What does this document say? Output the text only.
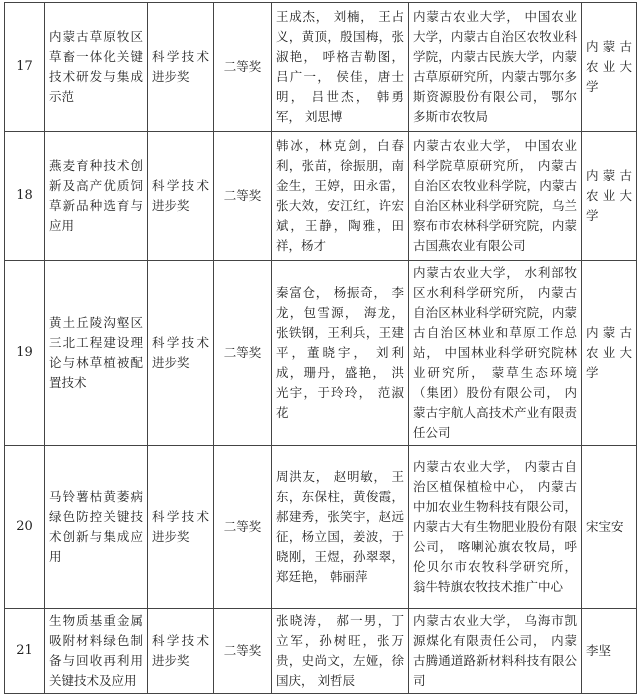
17	内蒙古草原牧区草畜一体化关键技术研发与集成示范	科学技术进步奖	二等奖	王成杰， 刘楠， 王占义，黄顶，殷国梅，张淑艳， 呼格吉勒图， 吕广一， 侯佳，唐士明， 吕世杰， 韩勇军， 刘思博	内蒙古农业大学， 中国农业大学，内蒙古自治区农牧业科学院，内蒙古民族大学，内蒙古草原研究所，内蒙古鄂尔多斯资源股份有限公司， 鄂尔多斯市农牧局	内蒙古农业大学
18	燕麦育种技术创新及高产优质饲草新品种选育与应用	科学技术进步奖	二等奖	韩冰，林克剑，白春利，张苗，徐振朋，南金生，王婷，田永雷，张大效，安江红，许宏斌，王静，陶雅，田祥，杨才	内蒙古农业大学， 中国农业科学院草原研究所， 内蒙古自治区农牧业科学院，内蒙古自治区林业科学研究院，乌兰察布市农林科学研究院，内蒙古国燕农业有限公司	内蒙古农业大学
19	黄土丘陵沟壑区三北工程建设理论与林草植被配置技术	科学技术进步奖	二等奖	秦富仓， 杨振奇， 李龙，包雪源， 海龙，张铁钢，王利兵，王建平，董晓宇， 刘利成，珊丹，盛艳， 洪光宇，于玲玲， 范淑花	内蒙古农业大学， 水利部牧区水利科学研究所， 内蒙古自治区林业科学研究院，内蒙古自治区林业和草原工作总站， 中国林业科学研究院林业研究所， 蒙草生态环境（集团）股份有限公司， 内蒙古宇航人高技术产业有限责任公司	内蒙古农业大学
20	马铃薯枯黄萎病绿色防控关键技术创新与集成应用	科学技术进步奖	二等奖	周洪友， 赵明敏， 王东，东保柱，黄俊霞，郝建秀，张笑宇，赵远征，杨立国，姜波，于晓刚，王煜，孙翠翠，郑廷艳， 韩丽萍	内蒙古农业大学， 内蒙古自治区植保植检中心， 内蒙古中加农业生物科技有限公司，内蒙古大有生物肥业股份有限公司， 喀喇沁旗农牧局，呼伦贝尔市农牧科学研究所， 翁牛特旗农牧技术推广中心	宋宝安
21	生物质基重金属吸附材料绿色制备与回收再利用关键技术及应用	科学技术进步奖	二等奖	张晓涛， 郝一男，丁立军，孙树旺，张万贵，史尚文，左娅，徐国庆， 刘哲辰	内蒙古农业大学， 乌海市凯源煤化有限责任公司， 内蒙古腾通道路新材料科技有限公司	李坚
